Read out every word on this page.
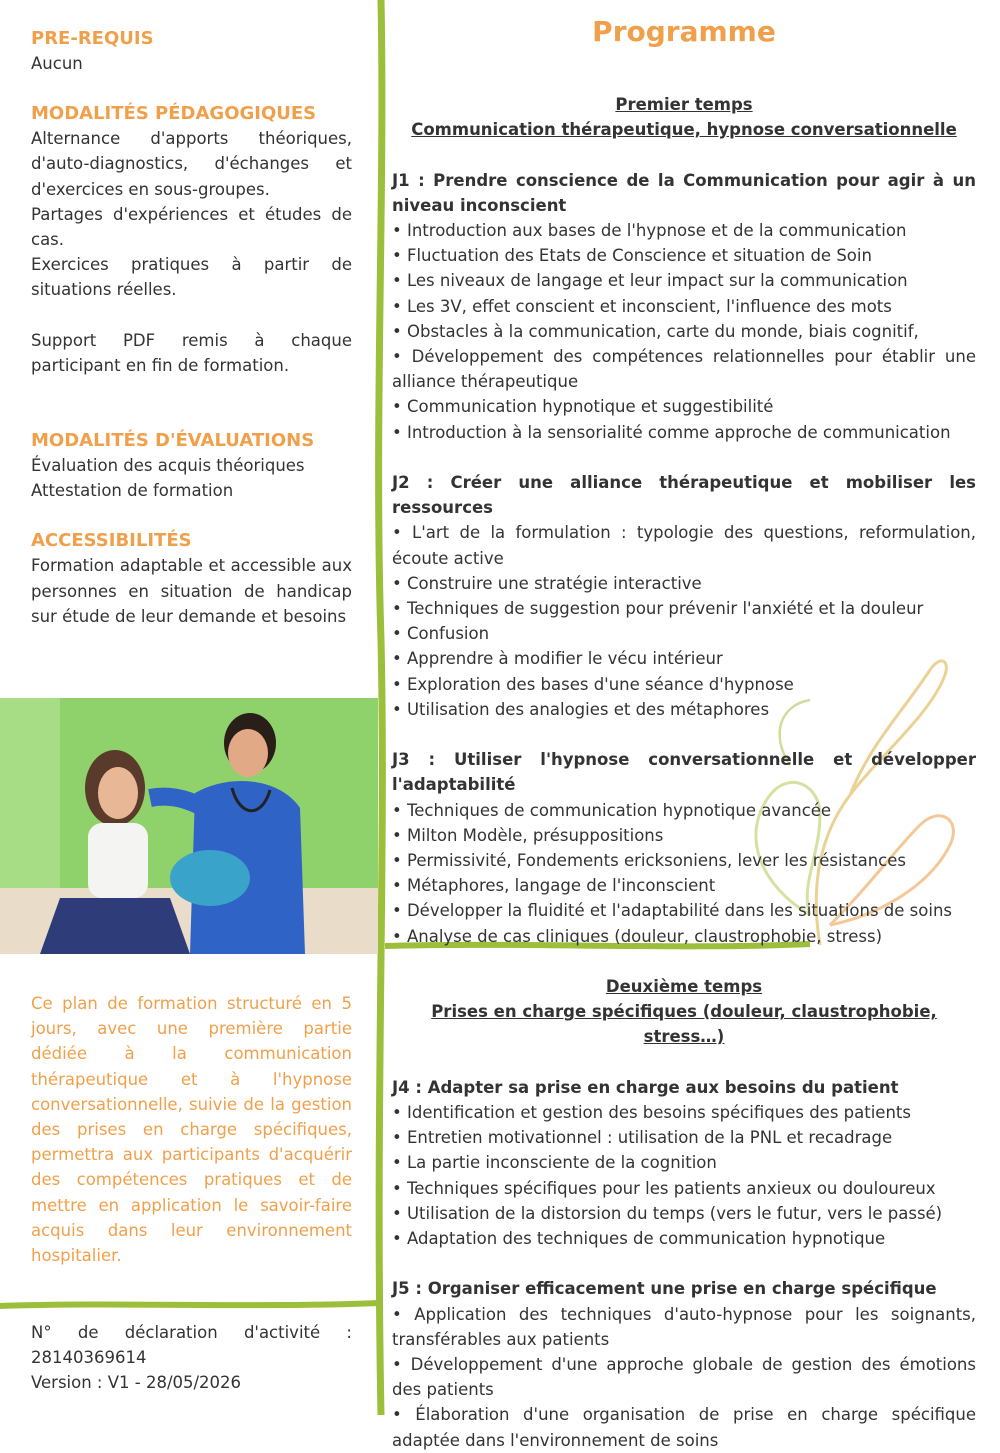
PRE-REQUIS

Aucun

MODALITÉS PÉDAGOGIQUES

Alternance d'apports théoriques, d'auto-diagnostics, d'échanges et d'exercices en sous-groupes.

Partages d'expériences et études de cas.

Exercices pratiques à partir de situations réelles.

Support PDF remis à chaque participant en fin de formation.

MODALITÉS D'ÉVALUATIONS

Évaluation des acquis théoriques

Attestation de formation

ACCESSIBILITÉS

Formation adaptable et accessible aux personnes en situation de handicap sur étude de leur demande et besoins

Ce plan de formation structuré en 5 jours, avec une première partie dédiée à la communication thérapeutique et à l'hypnose conversationnelle, suivie de la gestion des prises en charge spécifiques, permettra aux participants d'acquérir des compétences pratiques et de mettre en application le savoir-faire acquis dans leur environnement hospitalier.

N° de déclaration d'activité :

28140369614

Version : V1 - 28/05/2026

Programme

Premier temps

Communication thérapeutique, hypnose conversationnelle

J1 : Prendre conscience de la Communication pour agir à un niveau inconscient

• Introduction aux bases de l'hypnose et de la communication

• Fluctuation des Etats de Conscience et situation de Soin

• Les niveaux de langage et leur impact sur la communication

• Les 3V, effet conscient et inconscient, l'influence des mots

• Obstacles à la communication, carte du monde, biais cognitif,

• Développement des compétences relationnelles pour établir une alliance thérapeutique

• Communication hypnotique et suggestibilité

• Introduction à la sensorialité comme approche de communication

J2 : Créer une alliance thérapeutique et mobiliser les ressources

• L'art de la formulation : typologie des questions, reformulation, écoute active

• Construire une stratégie interactive

• Techniques de suggestion pour prévenir l'anxiété et la douleur

• Confusion

• Apprendre à modifier le vécu intérieur

• Exploration des bases d'une séance d'hypnose

• Utilisation des analogies et des métaphores

J3 : Utiliser l'hypnose conversationnelle et développer l'adaptabilité

• Techniques de communication hypnotique avancée

• Milton Modèle, présuppositions

• Permissivité, Fondements ericksoniens, lever les résistances

• Métaphores, langage de l'inconscient

• Développer la fluidité et l'adaptabilité dans les situations de soins

• Analyse de cas cliniques (douleur, claustrophobie, stress)

Deuxième temps

Prises en charge spécifiques (douleur, claustrophobie, stress…)

J4 : Adapter sa prise en charge aux besoins du patient

• Identification et gestion des besoins spécifiques des patients

• Entretien motivationnel : utilisation de la PNL et recadrage

• La partie inconsciente de la cognition

• Techniques spécifiques pour les patients anxieux ou douloureux

• Utilisation de la distorsion du temps (vers le futur, vers le passé)

• Adaptation des techniques de communication hypnotique

J5 : Organiser efficacement une prise en charge spécifique

• Application des techniques d'auto-hypnose pour les soignants, transférables aux patients

• Développement d'une approche globale de gestion des émotions des patients

• Élaboration d'une organisation de prise en charge spécifique adaptée dans l'environnement de soins
